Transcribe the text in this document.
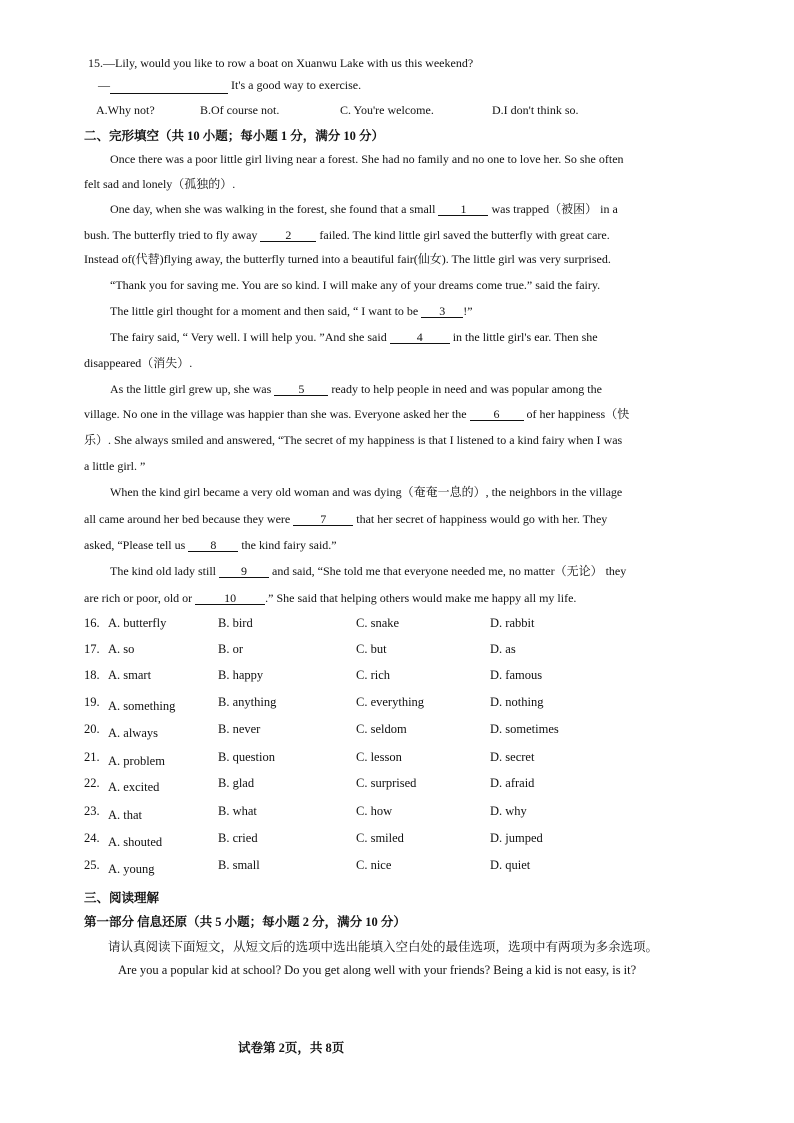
15.—Lily, would you like to row a boat on Xuanwu Lake with us this weekend?
—	It's a good way to exercise.
A.Why not?	B.Of course not.	C. You're welcome.	D.I don't think so.
二、完形填空（共 10 小题；每小题 1 分，满分 10 分）
Once there was a poor little girl living near a forest. She had no family and no one to love her. So she often
felt sad and lonely（孤独的）.
One day, when she was walking in the forest, she found that a small 1 was trapped（被困） in a
bush. The butterfly tried to fly away 2 failed. The kind little girl saved the butterfly with great care.
Instead of(代替)flying away, the butterfly turned into a beautiful fair(仙女). The little girl was very surprised.
“Thank you for saving me. You are so kind. I will make any of your dreams come true.” said the fairy.
The little girl thought for a moment and then said, “ I want to be 3 !”
The fairy said, “ Very well. I will help you. ”And she said 4 in the little girl's ear. Then she
disappeared（消失）.
As the little girl grew up, she was 5 ready to help people in need and was popular among the
village. No one in the village was happier than she was. Everyone asked her the 6 of her happiness（快
乐）. She always smiled and answered, “The secret of my happiness is that I listened to a kind fairy when I was
a little girl. ”
When the kind girl became a very old woman and was dying（奄奄一息的）, the neighbors in the village
all came around her bed because they were 7 that her secret of happiness would go with her. They
asked, “Please tell us 8 the kind fairy said.”
The kind old lady still 9 and said, “She told me that everyone needed me, no matter（无论） they
are rich or poor, old or 10 .” She said that helping others would make me happy all my life.
16. A. butterfly	B. bird	C. snake	D. rabbit
17. A. so	B. or	C. but	D. as
18. A. smart	B. happy	C. rich	D. famous
19. A. something	B. anything	C. everything	D. nothing
20. A. always	B. never	C. seldom	D. sometimes
21. A. problem	B. question	C. lesson	D. secret
22. A. excited	B. glad	C. surprised	D. afraid
23. A. that	B. what	C. how	D. why
24. A. shouted	B. cried	C. smiled	D. jumped
25. A. young	B. small	C. nice	D. quiet
三、阅读理解
第一部分 信息还原（共 5 小题；每小题 2 分，满分 10 分）
请认真阅读下面短文，从短文后的选项中选出能填入空白处的最佳选项，选项中有两项为多余选项。
Are you a popular kid at school? Do you get along well with your friends? Being a kid is not easy, is it?
试卷第 2页，共 8页
